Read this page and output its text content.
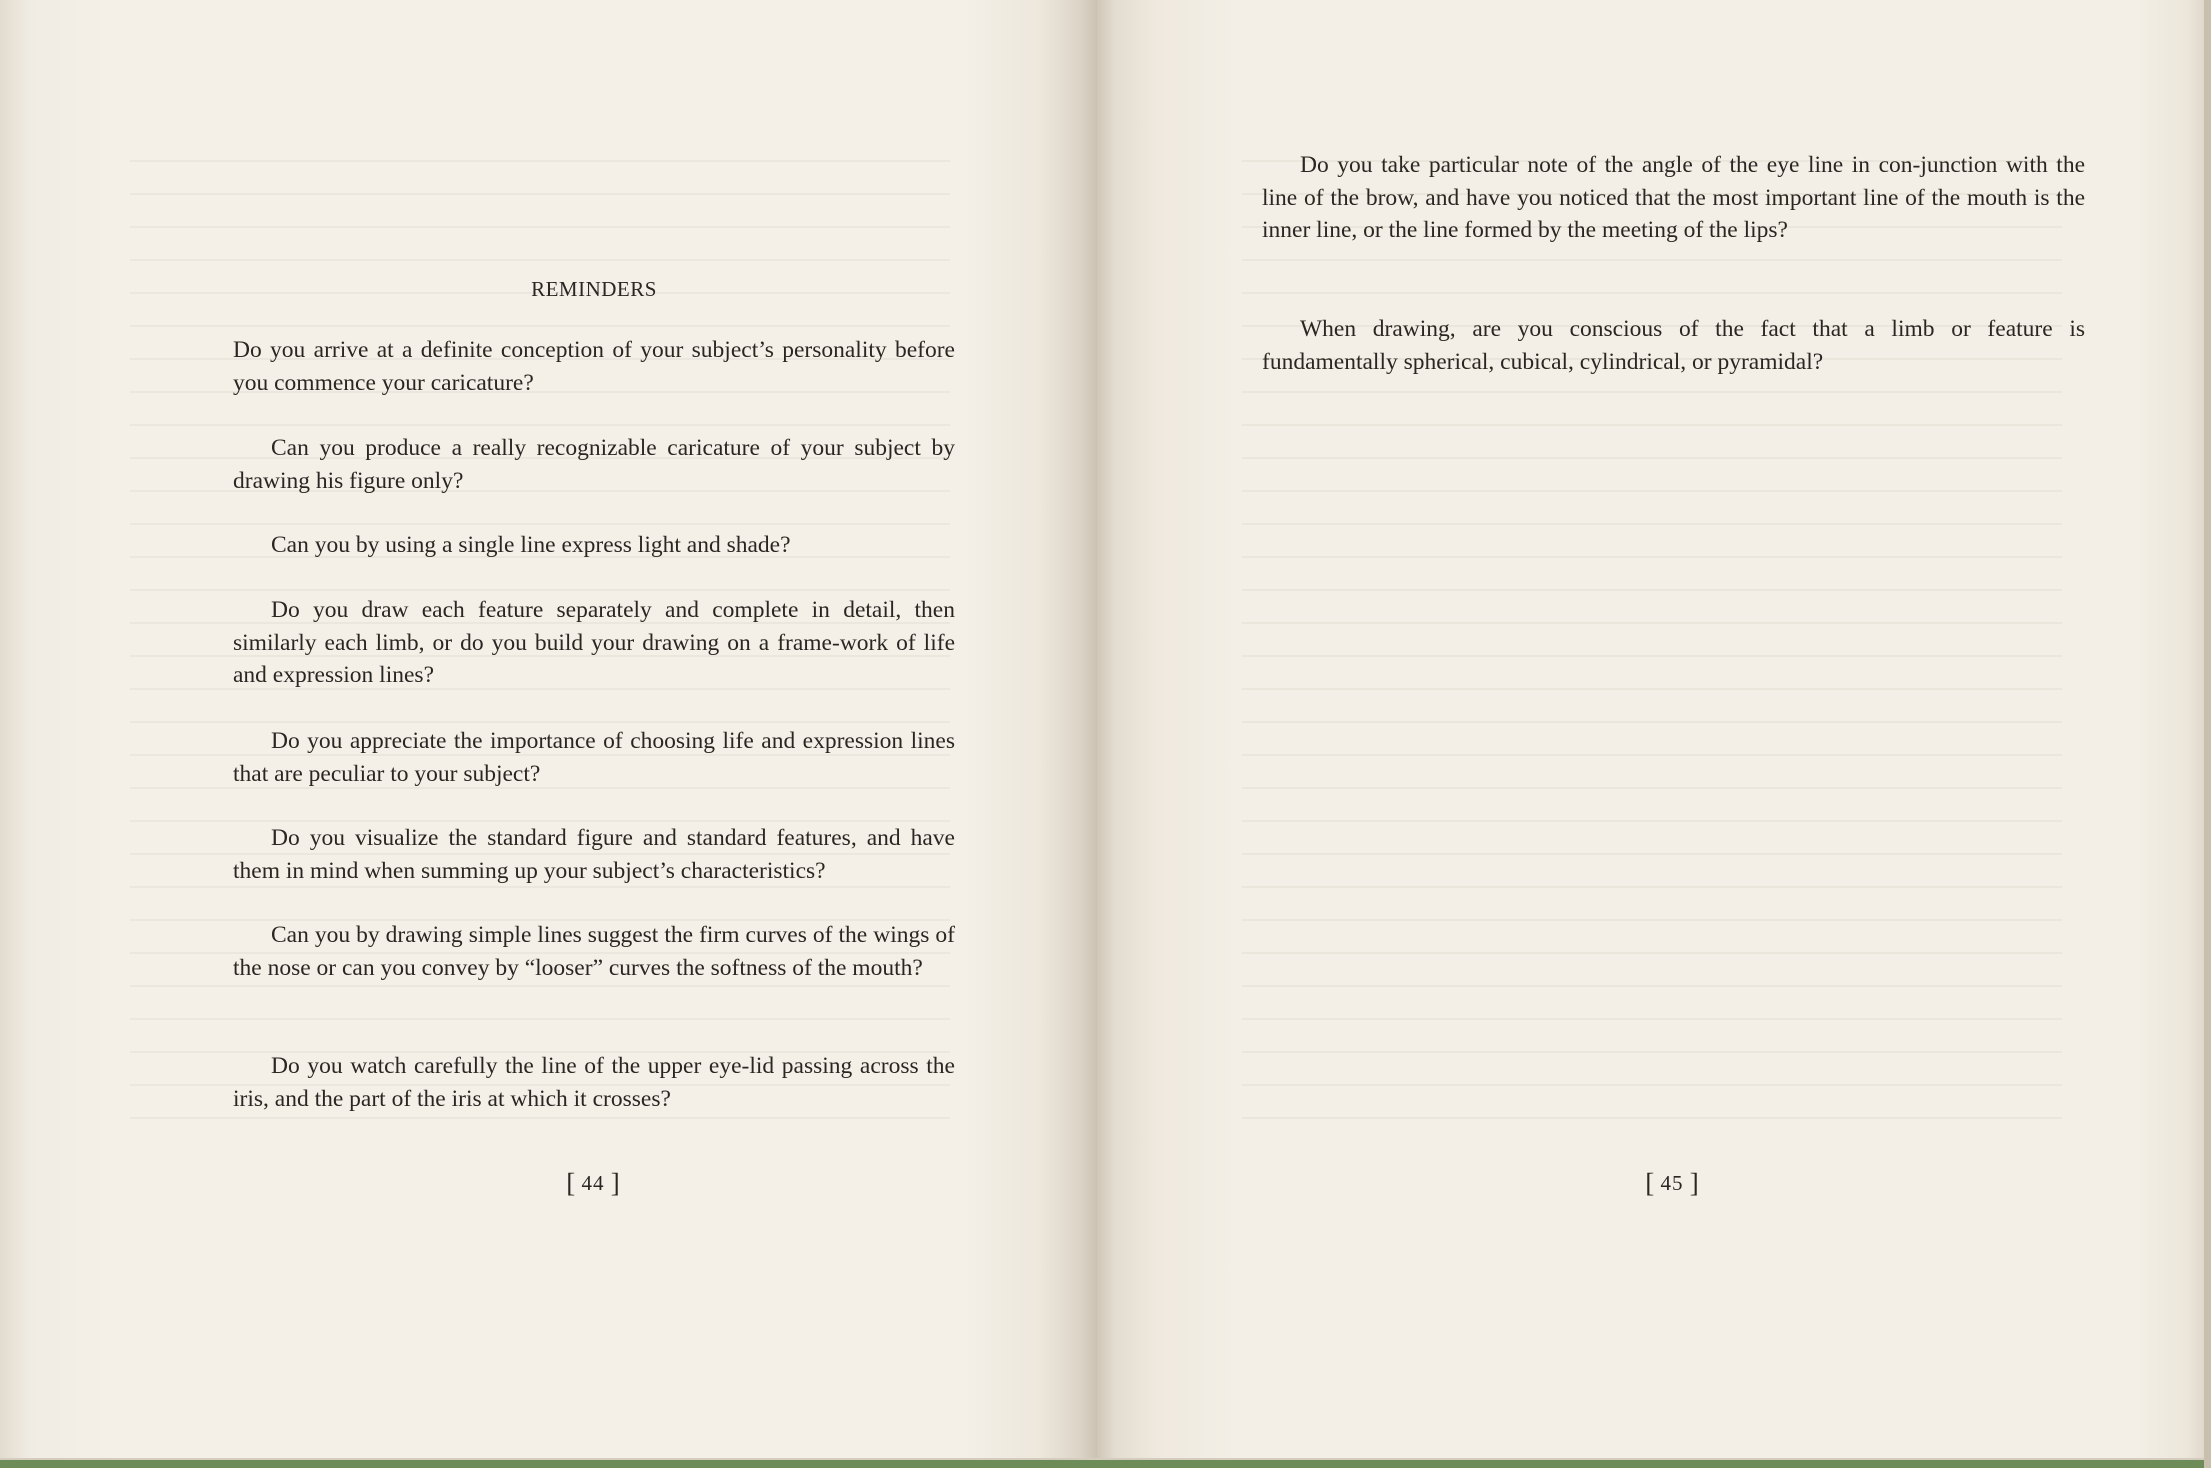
REMINDERS

Do you arrive at a definite conception of your subject’s personality before you commence your caricature?

Can you produce a really recognizable caricature of your subject by drawing his figure only?

Can you by using a single line express light and shade?

Do you draw each feature separately and complete in detail, then similarly each limb, or do you build your drawing on a frame-work of life and expression lines?

Do you appreciate the importance of choosing life and expression lines that are peculiar to your subject?

Do you visualize the standard figure and standard features, and have them in mind when summing up your subject’s characteristics?

Can you by drawing simple lines suggest the firm curves of the wings of the nose or can you convey by “looser” curves the softness of the mouth?

Do you watch carefully the line of the upper eye-lid passing across the iris, and the part of the iris at which it crosses?

[ 44 ]

Do you take particular note of the angle of the eye line in con-junction with the line of the brow, and have you noticed that the most important line of the mouth is the inner line, or the line formed by the meeting of the lips?

When drawing, are you conscious of the fact that a limb or feature is fundamentally spherical, cubical, cylindrical, or pyramidal?

[ 45 ]
